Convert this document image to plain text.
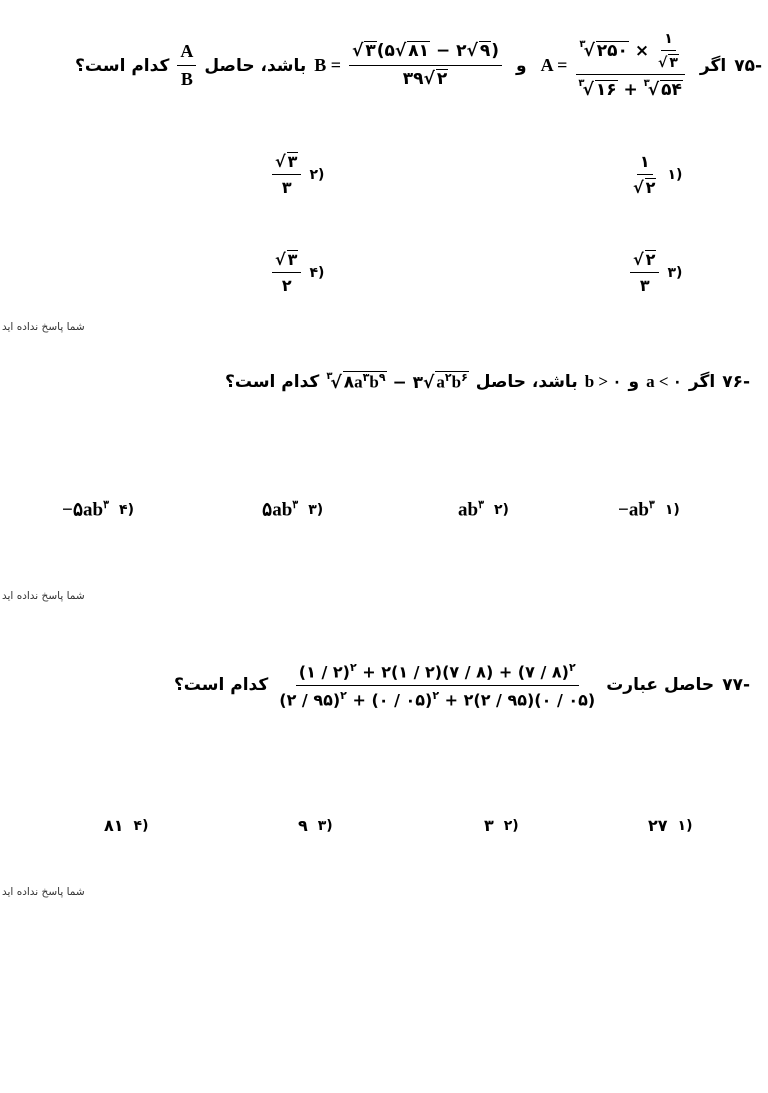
کدام است؟ $\frac{A}{B}$ باشد، حاصل $B = \frac{√ ۳(۵√ ۸۱ - ۲√ ۹)}{۳۹√ ۲}$ و $A = \frac{^۳√ ۲۵۰ \times \frac{۱}{√ ۳}}{^۳√ ۱۶ + ^۳√ ۵۴}$ اگر ۷۵-
$\frac{۱}{√ ۲}$ ۱)
$\frac{√ ۳}{۳}$ ۲)
$\frac{√ ۲}{۳}$ ۳)
$\frac{√ ۳}{۲}$ ۴)
شما پاسخ نداده اید
کدام است؟ $^۳$√ $۸a^۳b^۹$ − ۳√ $a^۲b^۶$ باشد، حاصل b > ۰ و a < ۰ اگر ۷۶-
$-ab^۳$ ۱)
$ab^۳$ ۲)
$۵ab^۳$ ۳)
$-۵ab^۳$ ۴)
شما پاسخ نداده اید
کدام است؟ $\frac{(۱ / ۲)^۲ + ۲(۱ / ۲)(۷ / ۸) + (۷ / ۸)^۲}{(۲ / ۹۵)^۲ + (۰ / ۰۵)^۲ + ۲(۲ / ۹۵)(۰ / ۰۵)}$ حاصل عبارت ۷۷-
۲۷ ۱)
۳ ۲)
۹ ۳)
۸۱ ۴)
شما پاسخ نداده اید
